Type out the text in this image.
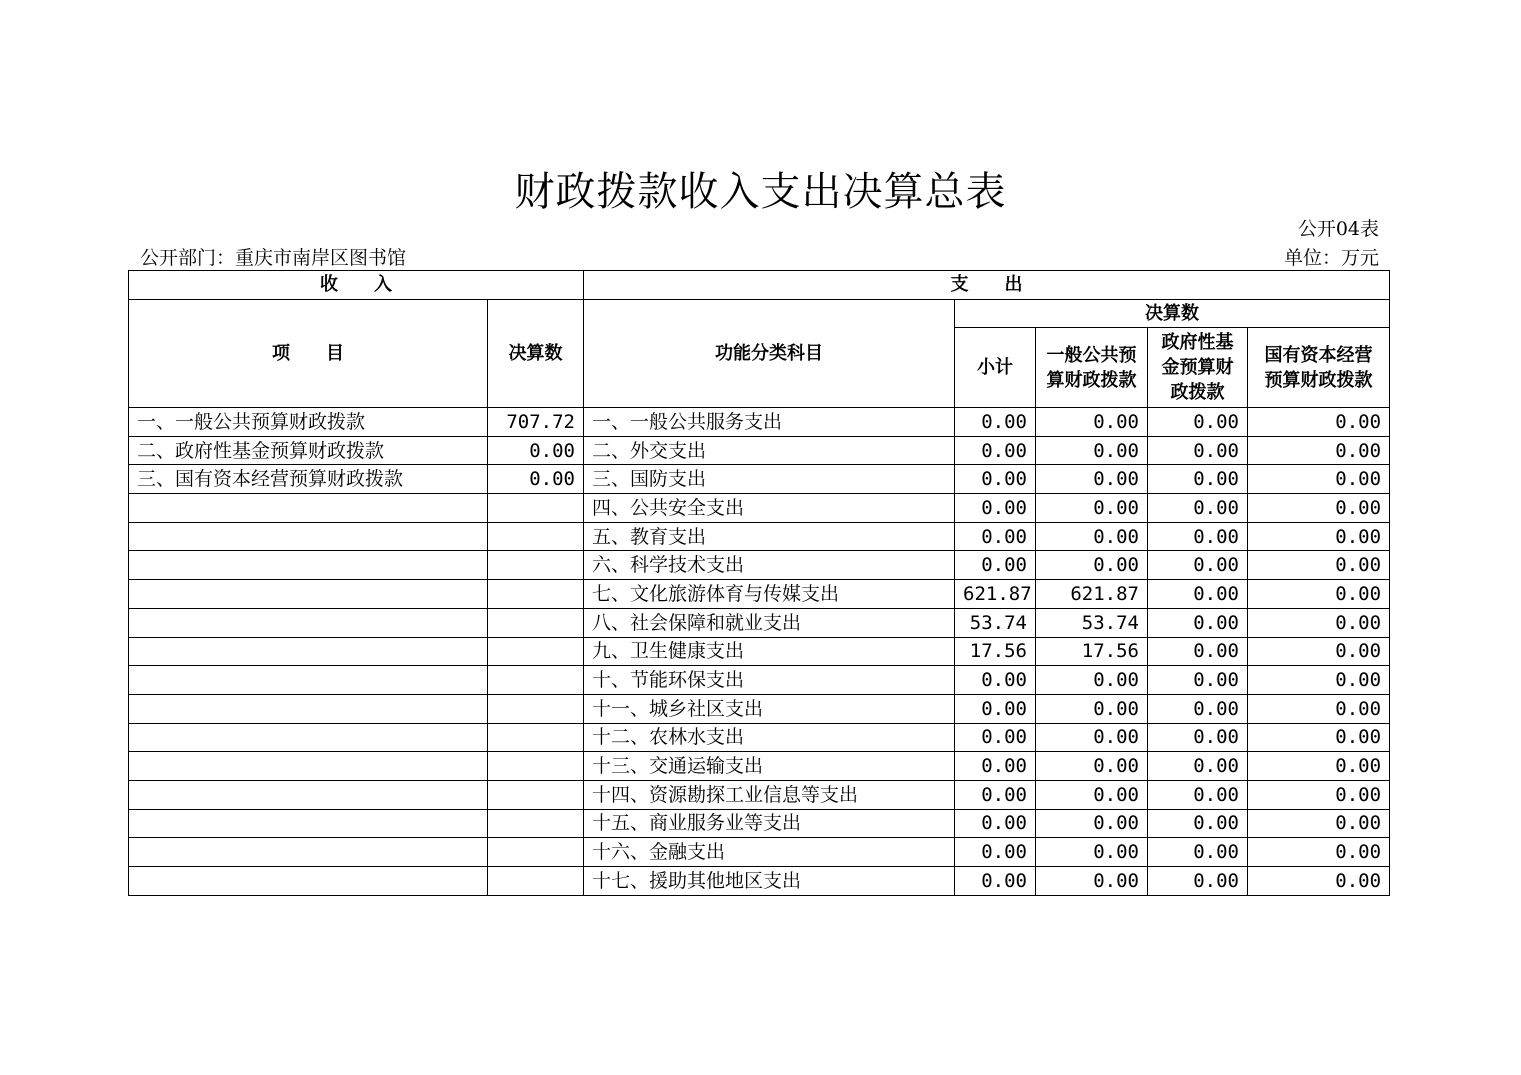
财政拨款收入支出决算总表
公开04表
公开部门：重庆市南岸区图书馆	单位：万元
收　　入		支　　出				
项　　目	决算数	功能分类科目	决算数			
			小计	一般公共预算财政拨款	政府性基金预算财政拨款	国有资本经营预算财政拨款
一、一般公共预算财政拨款	707.72	一、一般公共服务支出	0.00	0.00	0.00	0.00
二、政府性基金预算财政拨款	0.00	二、外交支出	0.00	0.00	0.00	0.00
三、国有资本经营预算财政拨款	0.00	三、国防支出	0.00	0.00	0.00	0.00
		四、公共安全支出	0.00	0.00	0.00	0.00
		五、教育支出	0.00	0.00	0.00	0.00
		六、科学技术支出	0.00	0.00	0.00	0.00
		七、文化旅游体育与传媒支出	621.87	621.87	0.00	0.00
		八、社会保障和就业支出	53.74	53.74	0.00	0.00
		九、卫生健康支出	17.56	17.56	0.00	0.00
		十、节能环保支出	0.00	0.00	0.00	0.00
		十一、城乡社区支出	0.00	0.00	0.00	0.00
		十二、农林水支出	0.00	0.00	0.00	0.00
		十三、交通运输支出	0.00	0.00	0.00	0.00
		十四、资源勘探工业信息等支出	0.00	0.00	0.00	0.00
		十五、商业服务业等支出	0.00	0.00	0.00	0.00
		十六、金融支出	0.00	0.00	0.00	0.00
		十七、援助其他地区支出	0.00	0.00	0.00	0.00
